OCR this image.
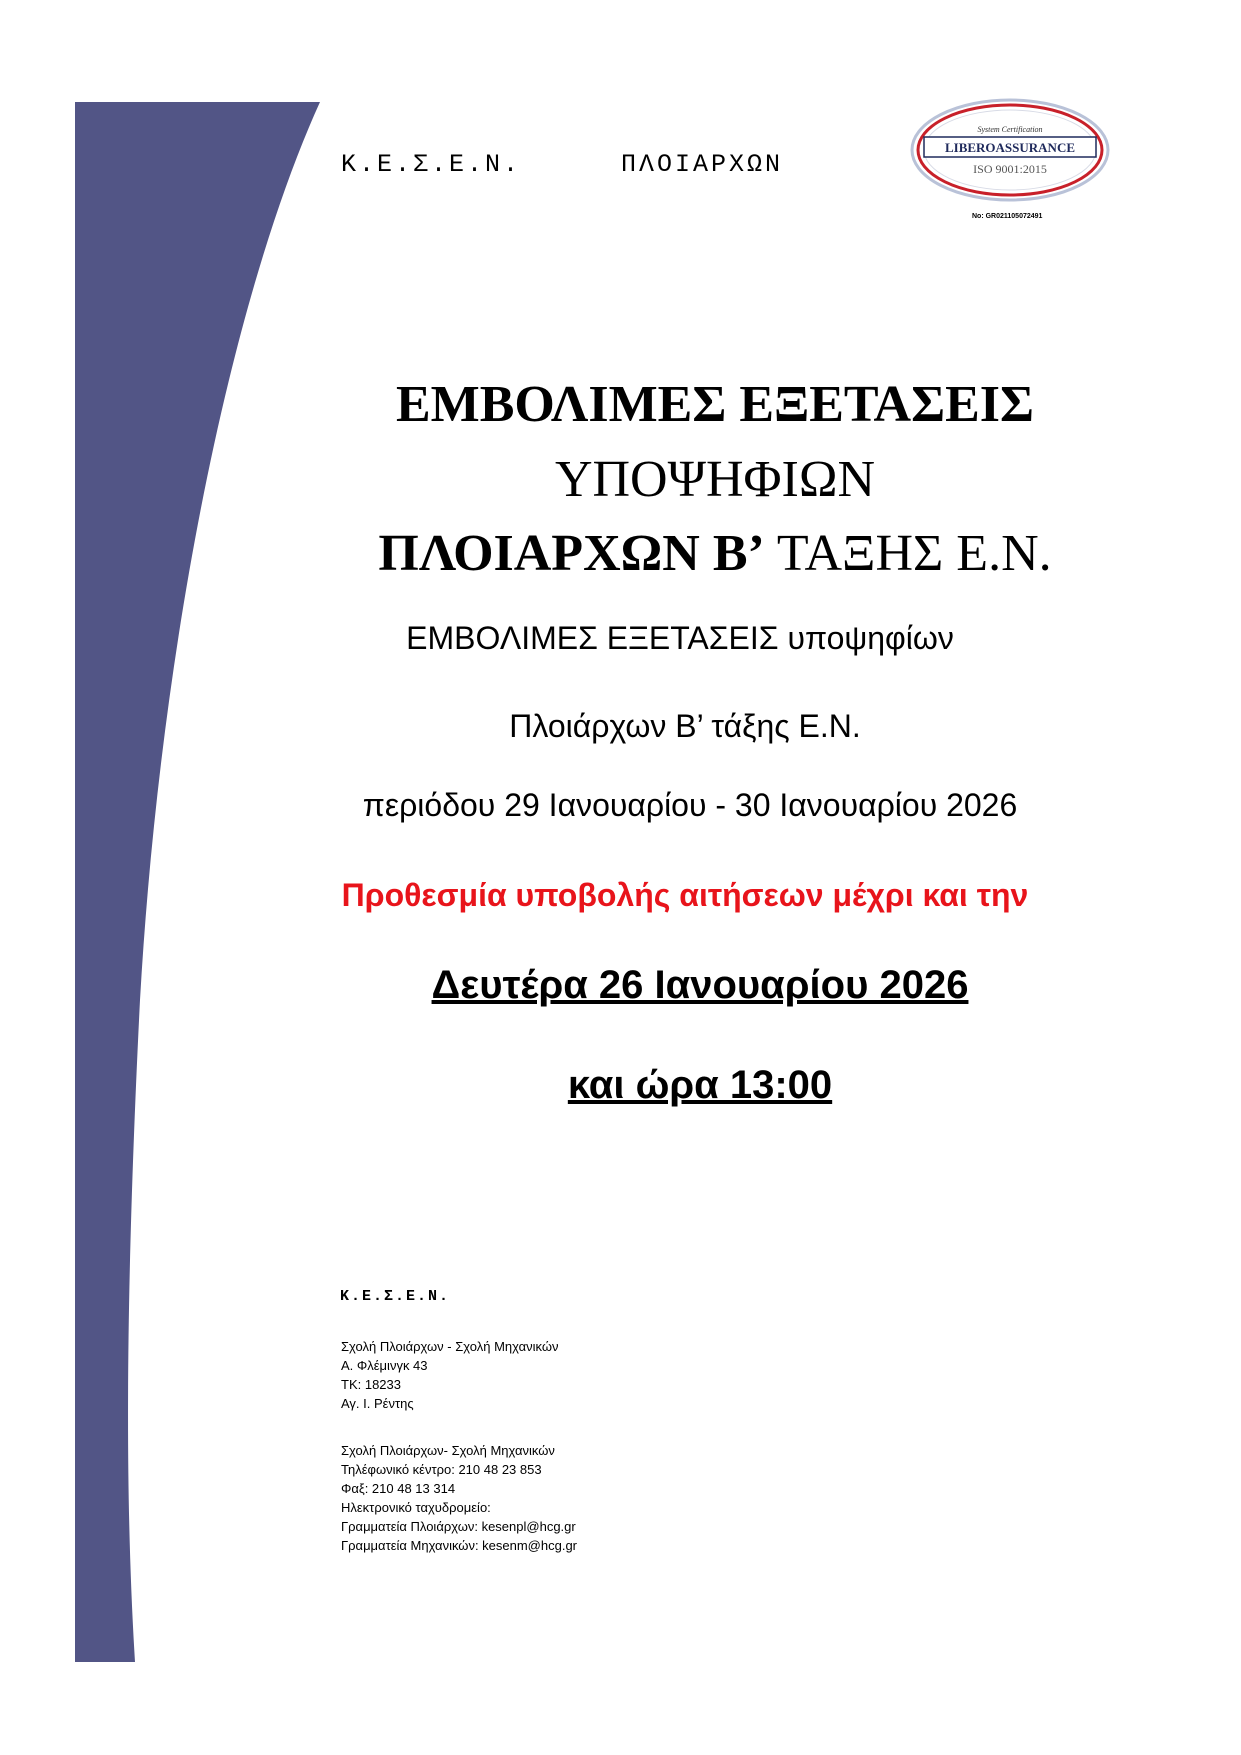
Κ.Ε.Σ.Ε.Ν.	ΠΛΟΙΑΡΧΩΝ
System Certification
LIBEROASSURANCE
ISO 9001:2015
No: GR021105072491
ΕΜΒΟΛΙΜΕΣ ΕΞΕΤΑΣΕΙΣ
ΥΠΟΨΗΦΙΩΝ
ΠΛΟΙΑΡΧΩΝ Β’ ΤΑΞΗΣ Ε.Ν.
ΕΜΒΟΛΙΜΕΣ ΕΞΕΤΑΣΕΙΣ υποψηφίων
Πλοιάρχων Β’ τάξης Ε.Ν.
περιόδου 29 Ιανουαρίου - 30 Ιανουαρίου 2026
Προθεσμία υποβολής αιτήσεων μέχρι και την
Δευτέρα 26 Ιανουαρίου 2026
και ώρα 13:00
Κ.Ε.Σ.Ε.Ν.
Σχολή Πλοιάρχων - Σχολή Μηχανικών
Α. Φλέμινγκ 43
ΤΚ: 18233
Αγ. Ι. Ρέντης
Σχολή Πλοιάρχων- Σχολή Μηχανικών
Τηλέφωνικό κέντρο: 210 48 23 853
Φαξ: 210 48 13 314
Ηλεκτρονικό ταχυδρομείο:
Γραμματεία Πλοιάρχων: kesenpl@hcg.gr
Γραμματεία Μηχανικών: kesenm@hcg.gr
